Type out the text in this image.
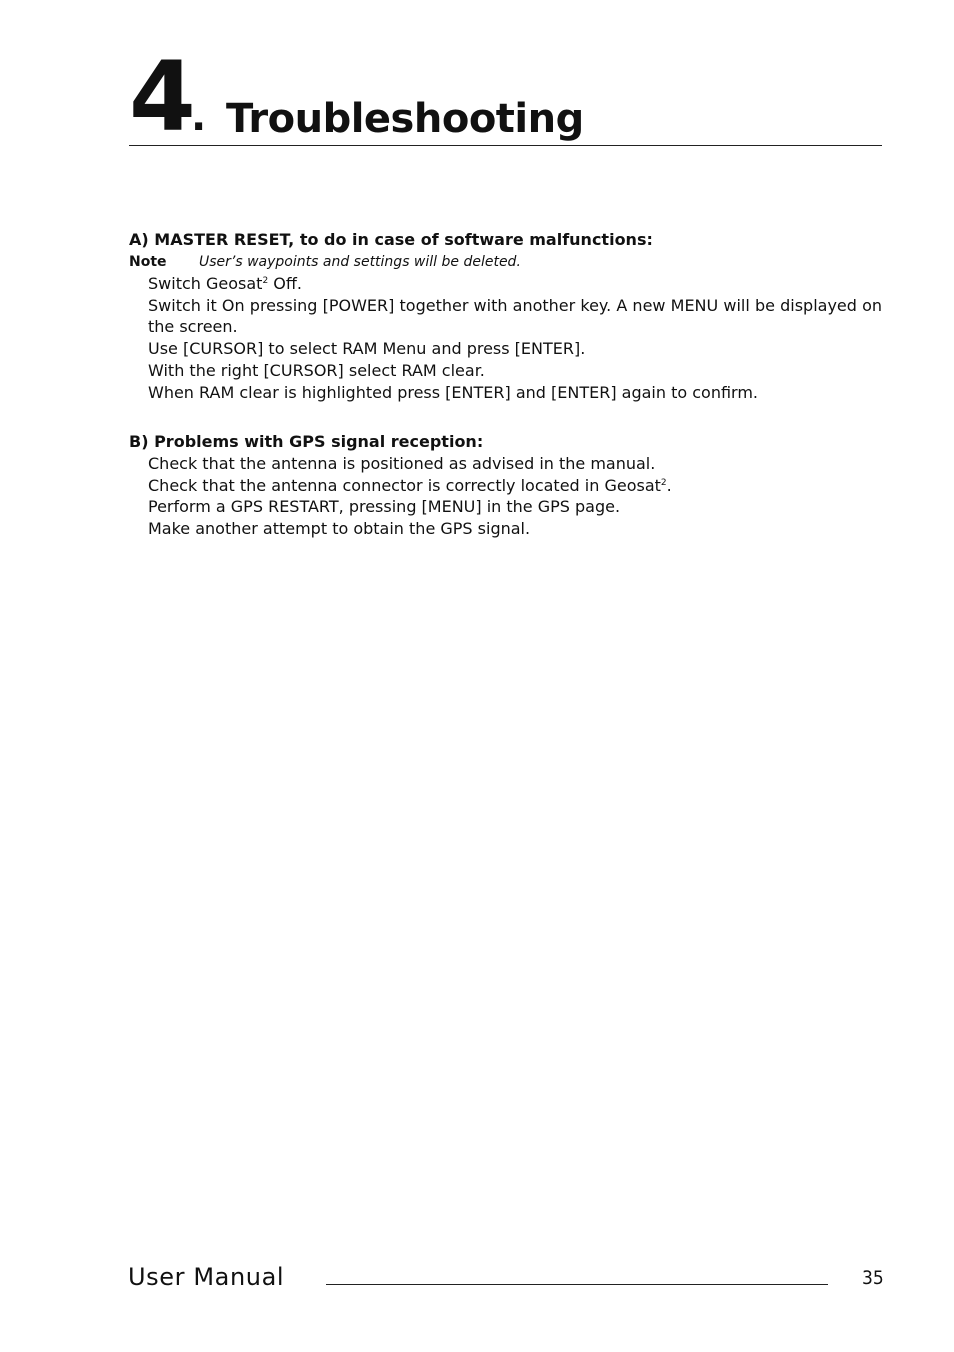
4
. Troubleshooting

A) MASTER RESET, to do in case of software malfunctions:

Note User’s waypoints and settings will be deleted.
Switch Geosat$^2$ Off.
Switch it On pressing [POWER] together with another key. A new MENU will be displayed on the screen.
Use [CURSOR] to select RAM Menu and press [ENTER].
With the right [CURSOR] select RAM clear.
When RAM clear is highlighted press [ENTER] and [ENTER] again to confirm.

B) Problems with GPS signal reception:

Check that the antenna is positioned as advised in the manual.
Check that the antenna connector is correctly located in Geosat$^2$.
Perform a GPS RESTART, pressing [MENU] in the GPS page.
Make another attempt to obtain the GPS signal.
User Manual	35
